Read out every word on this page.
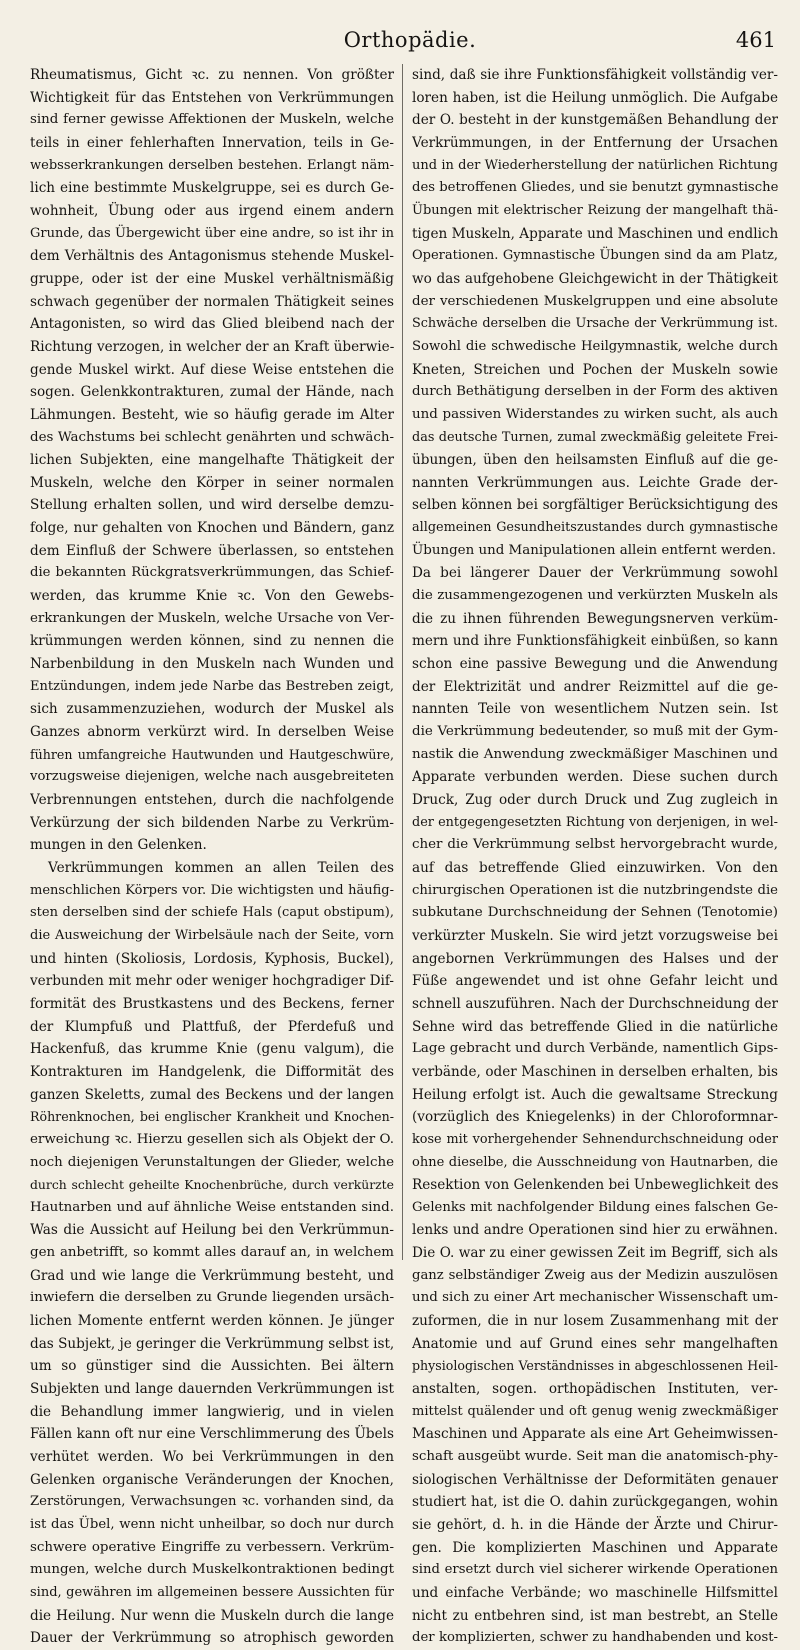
Orthopädie.	461
Rheumatismus, Gicht ꝛc. zu nennen. Von größter
Wichtigkeit für das Entstehen von Verkrümmungen
sind ferner gewisse Affektionen der Muskeln, welche
teils in einer fehlerhaften Innervation, teils in Ge-
websserkrankungen derselben bestehen. Erlangt näm-
lich eine bestimmte Muskelgruppe, sei es durch Ge-
wohnheit, Übung oder aus irgend einem andern
Grunde, das Übergewicht über eine andre, so ist ihr in
dem Verhältnis des Antagonismus stehende Muskel-
gruppe, oder ist der eine Muskel verhältnismäßig
schwach gegenüber der normalen Thätigkeit seines
Antagonisten, so wird das Glied bleibend nach der
Richtung verzogen, in welcher der an Kraft überwie-
gende Muskel wirkt. Auf diese Weise entstehen die
sogen. Gelenkkontrakturen, zumal der Hände, nach
Lähmungen. Besteht, wie so häufig gerade im Alter
des Wachstums bei schlecht genährten und schwäch-
lichen Subjekten, eine mangelhafte Thätigkeit der
Muskeln, welche den Körper in seiner normalen
Stellung erhalten sollen, und wird derselbe demzu-
folge, nur gehalten von Knochen und Bändern, ganz
dem Einfluß der Schwere überlassen, so entstehen
die bekannten Rückgratsverkrümmungen, das Schief-
werden, das krumme Knie ꝛc. Von den Gewebs-
erkrankungen der Muskeln, welche Ursache von Ver-
krümmungen werden können, sind zu nennen die
Narbenbildung in den Muskeln nach Wunden und
Entzündungen, indem jede Narbe das Bestreben zeigt,
sich zusammenzuziehen, wodurch der Muskel als
Ganzes abnorm verkürzt wird. In derselben Weise
führen umfangreiche Hautwunden und Hautgeschwüre,
vorzugsweise diejenigen, welche nach ausgebreiteten
Verbrennungen entstehen, durch die nachfolgende
Verkürzung der sich bildenden Narbe zu Verkrüm-
mungen in den Gelenken.
Verkrümmungen kommen an allen Teilen des
menschlichen Körpers vor. Die wichtigsten und häufig-
sten derselben sind der schiefe Hals (caput obstipum),
die Ausweichung der Wirbelsäule nach der Seite, vorn
und hinten (Skoliosis, Lordosis, Kyphosis, Buckel),
verbunden mit mehr oder weniger hochgradiger Dif-
formität des Brustkastens und des Beckens, ferner
der Klumpfuß und Plattfuß, der Pferdefuß und
Hackenfuß, das krumme Knie (genu valgum), die
Kontrakturen im Handgelenk, die Difformität des
ganzen Skeletts, zumal des Beckens und der langen
Röhrenknochen, bei englischer Krankheit und Knochen-
erweichung ꝛc. Hierzu gesellen sich als Objekt der O.
noch diejenigen Verunstaltungen der Glieder, welche
durch schlecht geheilte Knochenbrüche, durch verkürzte
Hautnarben und auf ähnliche Weise entstanden sind.
Was die Aussicht auf Heilung bei den Verkrümmun-
gen anbetrifft, so kommt alles darauf an, in welchem
Grad und wie lange die Verkrümmung besteht, und
inwiefern die derselben zu Grunde liegenden ursäch-
lichen Momente entfernt werden können. Je jünger
das Subjekt, je geringer die Verkrümmung selbst ist,
um so günstiger sind die Aussichten. Bei ältern
Subjekten und lange dauernden Verkrümmungen ist
die Behandlung immer langwierig, und in vielen
Fällen kann oft nur eine Verschlimmerung des Übels
verhütet werden. Wo bei Verkrümmungen in den
Gelenken organische Veränderungen der Knochen,
Zerstörungen, Verwachsungen ꝛc. vorhanden sind, da
ist das Übel, wenn nicht unheilbar, so doch nur durch
schwere operative Eingriffe zu verbessern. Verkrüm-
mungen, welche durch Muskelkontraktionen bedingt
sind, gewähren im allgemeinen bessere Aussichten für
die Heilung. Nur wenn die Muskeln durch die lange
Dauer der Verkrümmung so atrophisch geworden
sind, daß sie ihre Funktionsfähigkeit vollständig ver-
loren haben, ist die Heilung unmöglich. Die Aufgabe
der O. besteht in der kunstgemäßen Behandlung der
Verkrümmungen, in der Entfernung der Ursachen
und in der Wiederherstellung der natürlichen Richtung
des betroffenen Gliedes, und sie benutzt gymnastische
Übungen mit elektrischer Reizung der mangelhaft thä-
tigen Muskeln, Apparate und Maschinen und endlich
Operationen. Gymnastische Übungen sind da am Platz,
wo das aufgehobene Gleichgewicht in der Thätigkeit
der verschiedenen Muskelgruppen und eine absolute
Schwäche derselben die Ursache der Verkrümmung ist.
Sowohl die schwedische Heilgymnastik, welche durch
Kneten, Streichen und Pochen der Muskeln sowie
durch Bethätigung derselben in der Form des aktiven
und passiven Widerstandes zu wirken sucht, als auch
das deutsche Turnen, zumal zweckmäßig geleitete Frei-
übungen, üben den heilsamsten Einfluß auf die ge-
nannten Verkrümmungen aus. Leichte Grade der-
selben können bei sorgfältiger Berücksichtigung des
allgemeinen Gesundheitszustandes durch gymnastische
Übungen und Manipulationen allein entfernt werden.
Da bei längerer Dauer der Verkrümmung sowohl
die zusammengezogenen und verkürzten Muskeln als
die zu ihnen führenden Bewegungsnerven verküm-
mern und ihre Funktionsfähigkeit einbüßen, so kann
schon eine passive Bewegung und die Anwendung
der Elektrizität und andrer Reizmittel auf die ge-
nannten Teile von wesentlichem Nutzen sein. Ist
die Verkrümmung bedeutender, so muß mit der Gym-
nastik die Anwendung zweckmäßiger Maschinen und
Apparate verbunden werden. Diese suchen durch
Druck, Zug oder durch Druck und Zug zugleich in
der entgegengesetzten Richtung von derjenigen, in wel-
cher die Verkrümmung selbst hervorgebracht wurde,
auf das betreffende Glied einzuwirken. Von den
chirurgischen Operationen ist die nutzbringendste die
subkutane Durchschneidung der Sehnen (Tenotomie)
verkürzter Muskeln. Sie wird jetzt vorzugsweise bei
angebornen Verkrümmungen des Halses und der
Füße angewendet und ist ohne Gefahr leicht und
schnell auszuführen. Nach der Durchschneidung der
Sehne wird das betreffende Glied in die natürliche
Lage gebracht und durch Verbände, namentlich Gips-
verbände, oder Maschinen in derselben erhalten, bis
Heilung erfolgt ist. Auch die gewaltsame Streckung
(vorzüglich des Kniegelenks) in der Chloroformnar-
kose mit vorhergehender Sehnendurchschneidung oder
ohne dieselbe, die Ausschneidung von Hautnarben, die
Resektion von Gelenkenden bei Unbeweglichkeit des
Gelenks mit nachfolgender Bildung eines falschen Ge-
lenks und andre Operationen sind hier zu erwähnen.
Die O. war zu einer gewissen Zeit im Begriff, sich als
ganz selbständiger Zweig aus der Medizin auszulösen
und sich zu einer Art mechanischer Wissenschaft um-
zuformen, die in nur losem Zusammenhang mit der
Anatomie und auf Grund eines sehr mangelhaften
physiologischen Verständnisses in abgeschlossenen Heil-
anstalten, sogen. orthopädischen Instituten, ver-
mittelst quälender und oft genug wenig zweckmäßiger
Maschinen und Apparate als eine Art Geheimwissen-
schaft ausgeübt wurde. Seit man die anatomisch-phy-
siologischen Verhältnisse der Deformitäten genauer
studiert hat, ist die O. dahin zurückgegangen, wohin
sie gehört, d. h. in die Hände der Ärzte und Chirur-
gen. Die komplizierten Maschinen und Apparate
sind ersetzt durch viel sicherer wirkende Operationen
und einfache Verbände; wo maschinelle Hilfsmittel
nicht zu entbehren sind, ist man bestrebt, an Stelle
der komplizierten, schwer zu handhabenden und kost-
